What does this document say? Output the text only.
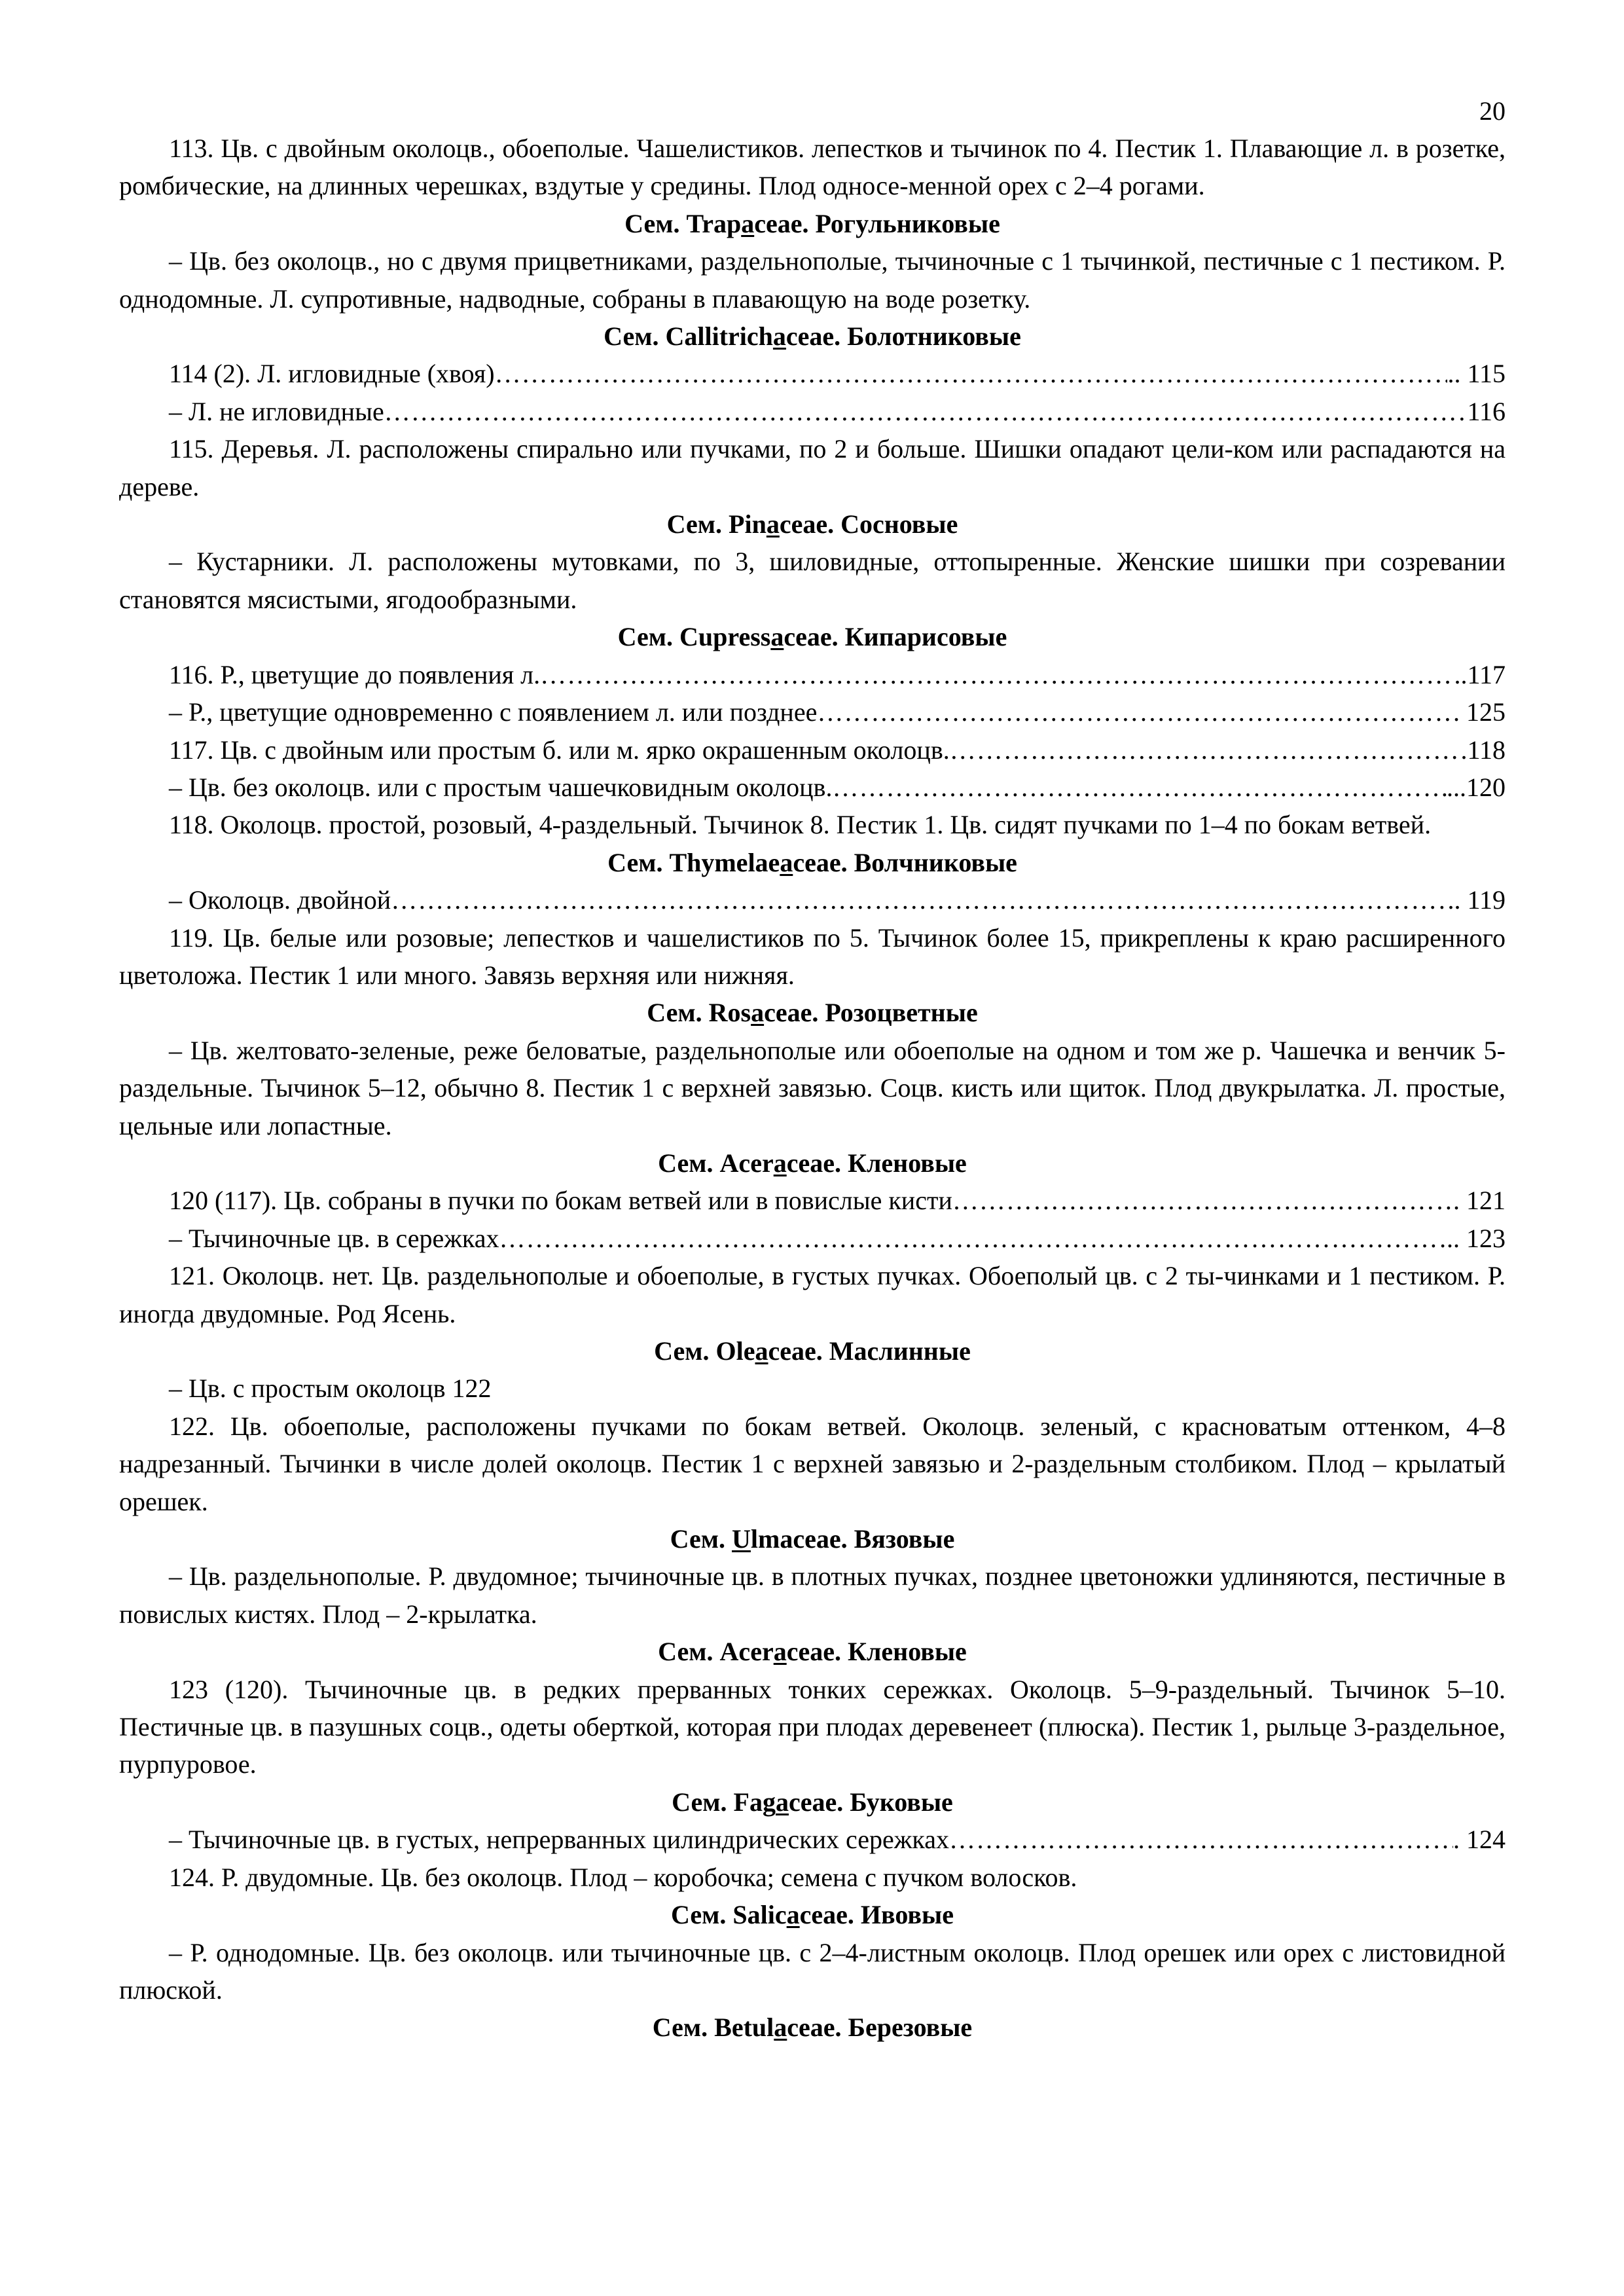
20

113. Цв. с двойным околоцв., обоеполые. Чашелистиков. лепестков и тычинок по 4. Пестик 1. Плавающие л. в розетке, ромбические, на длинных черешках, вздутые у средины. Плод односе-менной орех с 2–4 рогами.

Сем. Trapaceae. Рогульниковые

– Цв. без околоцв., но с двумя прицветниками, раздельнополые, тычиночные с 1 тычинкой, пестичные с 1 пестиком. Р. однодомные. Л. супротивные, надводные, собраны в плавающую на воде розетку.

Сем. Callitrichaceae. Болотниковые
114 (2). Л. игловидные (хвоя) ……………………………………………………………………………………………………………………………………………………………………………………………………………………	.. 115
– Л. не игловидные ……………………………………………………………………………………………………………………………………………………………………………………………………………………	116

115. Деревья. Л. расположены спирально или пучками, по 2 и больше. Шишки опадают цели-ком или распадаются на дереве.

Сем. Pinaceae. Сосновые

– Кустарники. Л. расположены мутовками, по 3, шиловидные, оттопыренные. Женские шишки при созревании становятся мясистыми, ягодообразными.

Сем. Cupressaceae. Кипарисовые
116. Р., цветущие до появления л. ……………………………………………………………………………………………………………………………………………………………………………………………………………………	..117
– Р., цветущие одновременно с появлением л. или позднее ……………………………………………………………………………………………………………………………………………………………………………………………………………………	. 125
117. Цв. с двойным или простым б. или м. ярко окрашенным околоцв. ……………………………………………………………………………………………………………………………………………………………………………………………………………………	.118
– Цв. без околоцв. или с простым чашечковидным околоцв. ……………………………………………………………………………………………………………………………………………………………………………………………………………………	...120

118. Околоцв. простой, розовый, 4-раздельный. Тычинок 8. Пестик 1. Цв. сидят пучками по 1–4 по бокам ветвей.

Сем. Thymelaeaceae. Волчниковые
– Околоцв. двойной ……………………………………………………………………………………………………………………………………………………………………………………………………………………	.. 119

119. Цв. белые или розовые; лепестков и чашелистиков по 5. Тычинок более 15, прикреплены к краю расширенного цветоложа. Пестик 1 или много. Завязь верхняя или нижняя.

Сем. Rosaceae. Розоцветные

– Цв. желтовато-зеленые, реже беловатые, раздельнополые или обоеполые на одном и том же р. Чашечка и венчик 5-раздельные. Тычинок 5–12, обычно 8. Пестик 1 с верхней завязью. Соцв. кисть или щиток. Плод двукрылатка. Л. простые, цельные или лопастные.

Сем. Aceraceae. Кленовые
120 (117). Цв. собраны в пучки по бокам ветвей или в повислые кисти ……………………………………………………………………………………………………………………………………………………………………………………………………………………	. 121
– Тычиночные цв. в сережках ……………………………………………………………………………………………………………………………………………………………………………………………………………………	.. 123

121. Околоцв. нет. Цв. раздельнополые и обоеполые, в густых пучках. Обоеполый цв. с 2 ты-чинками и 1 пестиком. Р. иногда двудомные. Род Ясень.

Сем. Oleaceae. Маслинные

– Цв. с простым околоцв 122

122. Цв. обоеполые, расположены пучками по бокам ветвей. Околоцв. зеленый, с красноватым оттенком, 4–8 надрезанный. Тычинки в числе долей околоцв. Пестик 1 с верхней завязью и 2-раздельным столбиком. Плод – крылатый орешек.

Сем. Ulmaceae. Вязовые

– Цв. раздельнополые. Р. двудомное; тычиночные цв. в плотных пучках, позднее цветоножки удлиняются, пестичные в повислых кистях. Плод – 2-крылатка.

Сем. Aceraceae. Кленовые

123 (120). Тычиночные цв. в редких прерванных тонких сережках. Околоцв. 5–9-раздельный. Тычинок 5–10. Пестичные цв. в пазушных соцв., одеты оберткой, которая при плодах деревенеет (плюска). Пестик 1, рыльце 3-раздельное, пурпуровое.

Сем. Fagaceae. Буковые
– Тычиночные цв. в густых, непрерванных цилиндрических сережках ……………………………………………………………………………………………………………………………………………………………………………………………………………………	. 124

124. Р. двудомные. Цв. без околоцв. Плод – коробочка; семена с пучком волосков.

Сем. Salicaceae. Ивовые

– Р. однодомные. Цв. без околоцв. или тычиночные цв. с 2–4-листным околоцв. Плод орешек или орех с листовидной плюской.

Сем. Betulaceae. Березовые
